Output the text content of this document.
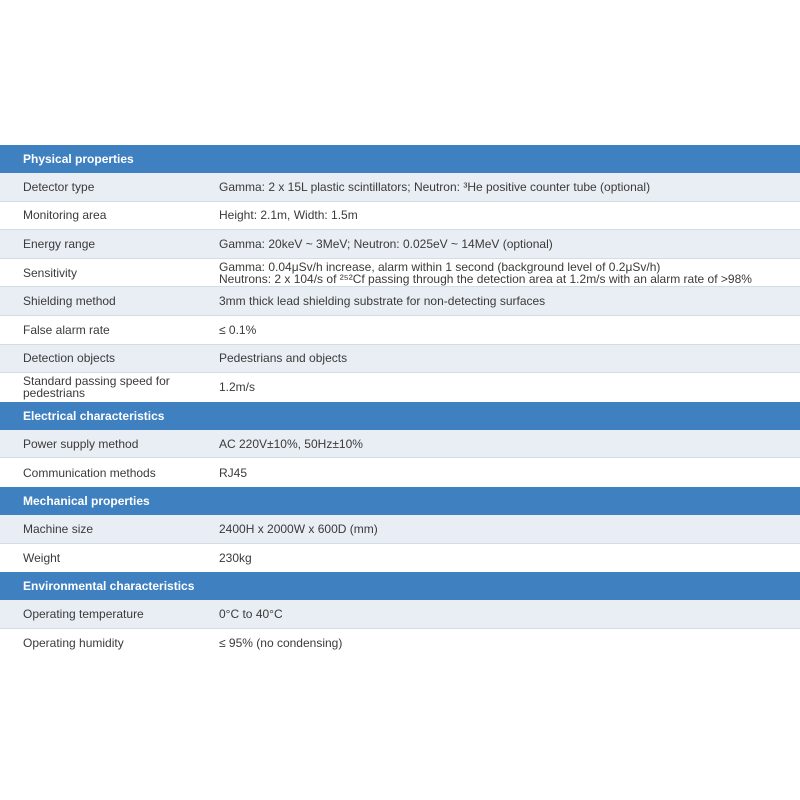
Physical properties
Detector type	Gamma: 2 x 15L plastic scintillators; Neutron: ³He positive counter tube (optional)
Monitoring area	Height: 2.1m, Width: 1.5m
Energy range	Gamma: 20keV ~ 3MeV; Neutron: 0.025eV ~ 14MeV (optional)
Sensitivity	Gamma: 0.04μSv/h increase, alarm within 1 second (background level of 0.2μSv/h)
Neutrons: 2 x 104/s of ²⁵²Cf passing through the detection area at 1.2m/s with an alarm rate of >98%
Shielding method	3mm thick lead shielding substrate for non-detecting surfaces
False alarm rate	≤ 0.1%
Detection objects	Pedestrians and objects
Standard passing speed for pedestrians	1.2m/s
Electrical characteristics
Power supply method	AC 220V±10%, 50Hz±10%
Communication methods	RJ45
Mechanical properties
Machine size	2400H x 2000W x 600D (mm)
Weight	230kg
Environmental characteristics
Operating temperature	0°C to 40°C
Operating humidity	≤ 95% (no condensing)
